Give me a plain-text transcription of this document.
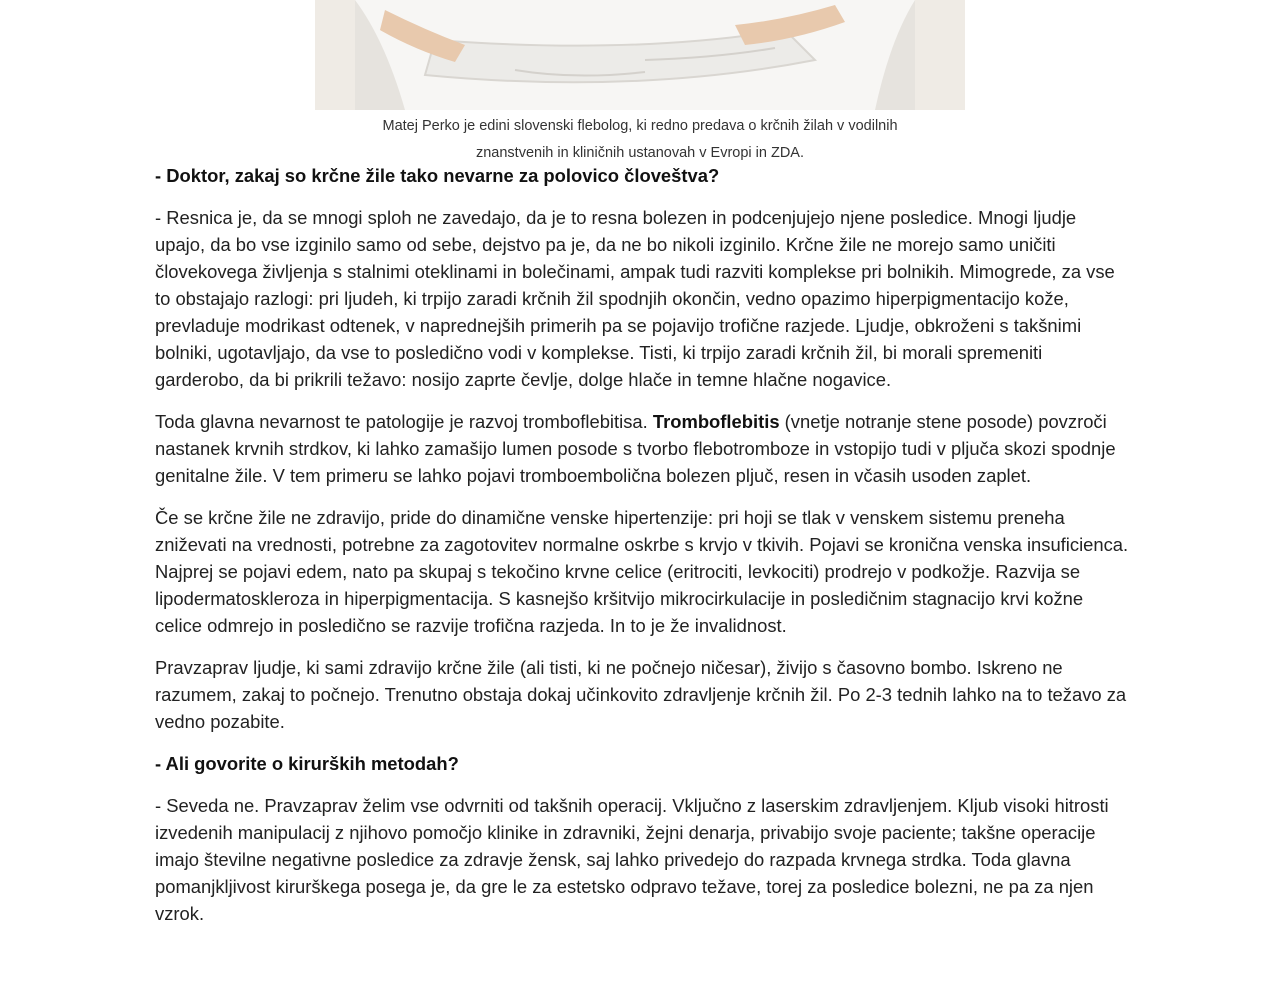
Matej Perko je edini slovenski flebolog, ki redno predava o krčnih žilah v vodilnih
znanstvenih in kliničnih ustanovah v Evropi in ZDA.
- Doktor, zakaj so krčne žile tako nevarne za polovico človeštva?

- Resnica je, da se mnogi sploh ne zavedajo, da je to resna bolezen in podcenjujejo njene posledice. Mnogi ljudje upajo, da bo vse izginilo samo od sebe, dejstvo pa je, da ne bo nikoli izginilo. Krčne žile ne morejo samo uničiti človekovega življenja s stalnimi oteklinami in bolečinami, ampak tudi razviti komplekse pri bolnikih. Mimogrede, za vse to obstajajo razlogi: pri ljudeh, ki trpijo zaradi krčnih žil spodnjih okončin, vedno opazimo hiperpigmentacijo kože, prevladuje modrikast odtenek, v naprednejših primerih pa se pojavijo trofične razjede. Ljudje, obkroženi s takšnimi bolniki, ugotavljajo, da vse to posledično vodi v komplekse. Tisti, ki trpijo zaradi krčnih žil, bi morali spremeniti garderobo, da bi prikrili težavo: nosijo zaprte čevlje, dolge hlače in temne hlačne nogavice.

Toda glavna nevarnost te patologije je razvoj tromboflebitisa. Tromboflebitis (vnetje notranje stene posode) povzroči nastanek krvnih strdkov, ki lahko zamašijo lumen posode s tvorbo flebotromboze in vstopijo tudi v pljuča skozi spodnje genitalne žile. V tem primeru se lahko pojavi tromboembolična bolezen pljuč, resen in včasih usoden zaplet.

Če se krčne žile ne zdravijo, pride do dinamične venske hipertenzije: pri hoji se tlak v venskem sistemu preneha zniževati na vrednosti, potrebne za zagotovitev normalne oskrbe s krvjo v tkivih. Pojavi se kronična venska insuficienca. Najprej se pojavi edem, nato pa skupaj s tekočino krvne celice (eritrociti, levkociti) prodrejo v podkožje. Razvija se lipodermatoskleroza in hiperpigmentacija. S kasnejšo kršitvijo mikrocirkulacije in posledičnim stagnacijo krvi kožne celice odmrejo in posledično se razvije trofična razjeda. In to je že invalidnost.

Pravzaprav ljudje, ki sami zdravijo krčne žile (ali tisti, ki ne počnejo ničesar), živijo s časovno bombo. Iskreno ne razumem, zakaj to počnejo. Trenutno obstaja dokaj učinkovito zdravljenje krčnih žil. Po 2-3 tednih lahko na to težavo za vedno pozabite.

- Ali govorite o kirurških metodah?

- Seveda ne. Pravzaprav želim vse odvrniti od takšnih operacij. Vključno z laserskim zdravljenjem. Kljub visoki hitrosti izvedenih manipulacij z njihovo pomočjo klinike in zdravniki, žejni denarja, privabijo svoje paciente; takšne operacije imajo številne negativne posledice za zdravje žensk, saj lahko privedejo do razpada krvnega strdka. Toda glavna pomanjkljivost kirurškega posega je, da gre le za estetsko odpravo težave, torej za posledice bolezni, ne pa za njen vzrok.
